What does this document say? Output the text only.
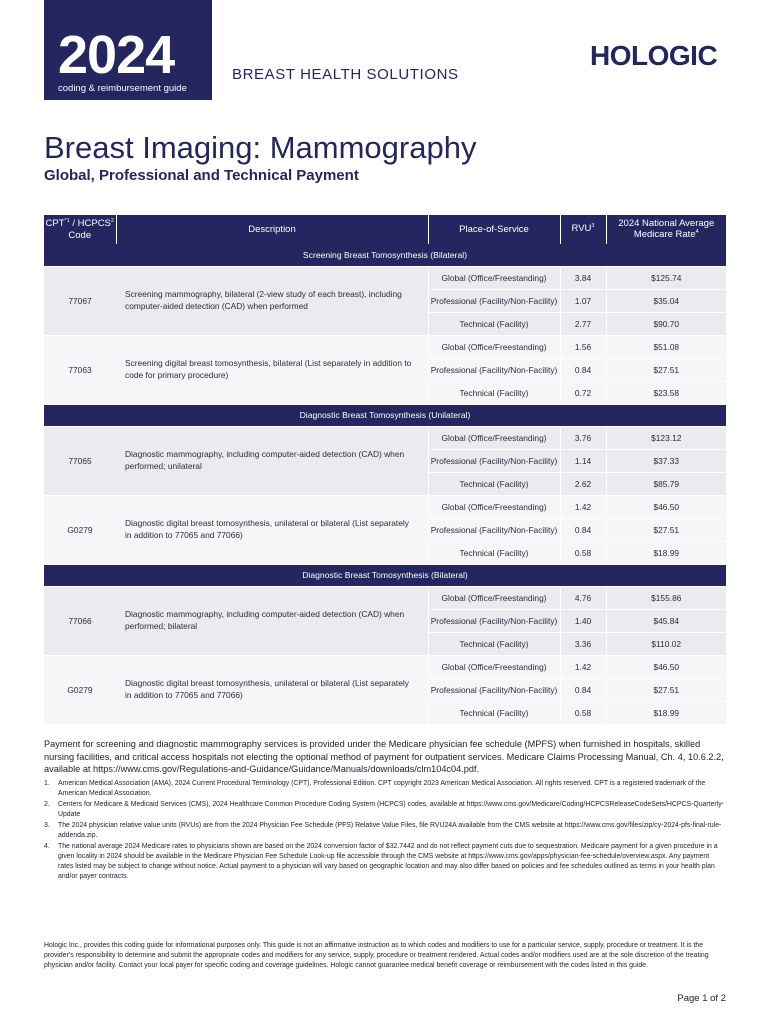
2024
coding & reimbursement guide
BREAST HEALTH SOLUTIONS
HOLOGIC
Breast Imaging: Mammography
Global, Professional and Technical Payment
CPT$^{*1}$ / HCPCS$^2$ Code	Description	Place-of-Service	RVU$^3$	2024 National Average Medicare Rate$^4$
Screening Breast Tomosynthesis (Bilateral)				
77067	Screening mammography, bilateral (2-view study of each breast), including computer-aided detection (CAD) when performed	Global (Office/Freestanding)	3.84	$125.74
		Professional (Facility/Non-Facility)	1.07	$35.04
		Technical (Facility)	2.77	$90.70
77063	Screening digital breast tomosynthesis, bilateral (List separately in addition to code for primary procedure)	Global (Office/Freestanding)	1.56	$51.08
		Professional (Facility/Non-Facility)	0.84	$27.51
		Technical (Facility)	0.72	$23.58
Diagnostic Breast Tomosynthesis (Unilateral)				
77065	Diagnostic mammography, including computer-aided detection (CAD) when performed; unilateral	Global (Office/Freestanding)	3.76	$123.12
		Professional (Facility/Non-Facility)	1.14	$37.33
		Technical (Facility)	2.62	$85.79
G0279	Diagnostic digital breast tomosynthesis, unilateral or bilateral (List separately in addition to 77065 and 77066)	Global (Office/Freestanding)	1.42	$46.50
		Professional (Facility/Non-Facility)	0.84	$27.51
		Technical (Facility)	0.58	$18.99
Diagnostic Breast Tomosynthesis (Bilateral)				
77066	Diagnostic mammography, including computer-aided detection (CAD) when performed; bilateral	Global (Office/Freestanding)	4.76	$155.86
		Professional (Facility/Non-Facility)	1.40	$45.84
		Technical (Facility)	3.36	$110.02
G0279	Diagnostic digital breast tomosynthesis, unilateral or bilateral (List separately in addition to 77065 and 77066)	Global (Office/Freestanding)	1.42	$46.50
		Professional (Facility/Non-Facility)	0.84	$27.51
		Technical (Facility)	0.58	$18.99

Payment for screening and diagnostic mammography services is provided under the Medicare physician fee schedule (MPFS) when furnished in hospitals, skilled nursing facilities, and critical access hospitals not electing the optional method of payment for outpatient services. Medicare Claims Processing Manual, Ch. 4, 10.6.2.2, available at https://www.cms.gov/Regulations-and-Guidance/Guidance/Manuals/downloads/clm104c04.pdf.

1. American Medical Association (AMA), 2024 Current Procedural Terminology (CPT), Professional Edition. CPT copyright 2023 American Medical Association. All rights reserved. CPT is a registered trademark of the American Medical Association.
2. Centers for Medicare & Medicaid Services (CMS), 2024 Healthcare Common Procedure Coding System (HCPCS) codes, available at https://www.cms.gov/Medicare/Coding/HCPCSReleaseCodeSets/HCPCS-Quarterly-Update
3. The 2024 physician relative value units (RVUs) are from the 2024 Physician Fee Schedule (PFS) Relative Value Files, file RVU24A available from the CMS website at https://www.cms.gov/files/zip/cy-2024-pfs-final-rule-addenda.zip.
4. The national average 2024 Medicare rates to physicians shown are based on the 2024 conversion factor of $32.7442 and do not reflect payment cuts due to sequestration. Medicare payment for a given procedure in a given locality in 2024 should be available in the Medicare Physician Fee Schedule Look-up file accessible through the CMS website at https://www.cms.gov/apps/physician-fee-schedule/overview.aspx. Any payment rates listed may be subject to change without notice. Actual payment to a physician will vary based on geographic location and may also differ based on policies and fee schedules outlined as terms in your health plan and/or payer contracts.

Hologic Inc., provides this coding guide for informational purposes only. This guide is not an affirmative instruction as to which codes and modifiers to use for a particular service, supply, procedure or treatment. It is the provider's responsibility to determine and submit the appropriate codes and modifiers for any service, supply, procedure or treatment rendered. Actual codes and/or modifiers used are at the sole discretion of the treating physician and/or facility. Contact your local payer for specific coding and coverage guidelines. Hologic cannot guarantee medical benefit coverage or reimbursement with the codes listed in this guide.

Page 1 of 2
